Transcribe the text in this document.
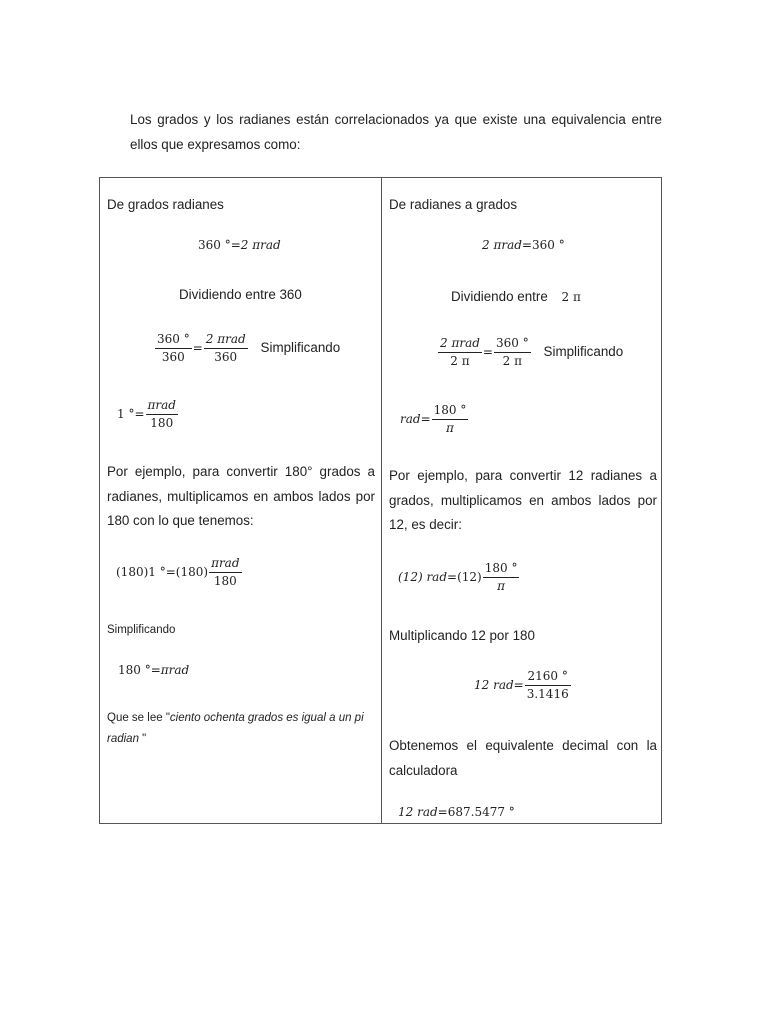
Los grados y los radianes están correlacionados ya que existe una equivalencia entre ellos que expresamos como:
De grados radianes
360 °=2 πrad
Dividiendo entre 360
$\frac{360 ^\circ}{360} = \frac{\text{2 πrad}}{360}$ Simplificando
1 °= $\frac{\text{πrad}}{180}$
Por ejemplo, para convertir 180° grados a radianes, multiplicamos en ambos lados por 180 con lo que tenemos:
(180)1 $^\circ=(180) \frac{\text{πrad}}{180}$
Simplificando
180 °=πrad
Que se lee "ciento ochenta grados es igual a un pi radian "
De radianes a grados
2 πrad=360 °
Dividiendo entre 2 π
$\frac{\text{2 πrad}}{2 \pi} = \frac{360 ^\circ}{2 \pi}$ Simplificando
$rad= \frac{180 ^\circ}{\pi}$
Por ejemplo, para convertir 12 radianes a grados, multiplicamos en ambos lados por 12, es decir:
(12) $rad=(12) \frac{180 ^\circ}{\pi}$
Multiplicando 12 por 180
12 $rad= \frac{2160 ^\circ}{3.1416}$
Obtenemos el equivalente decimal con la calculadora
12 rad=687.5477 °
